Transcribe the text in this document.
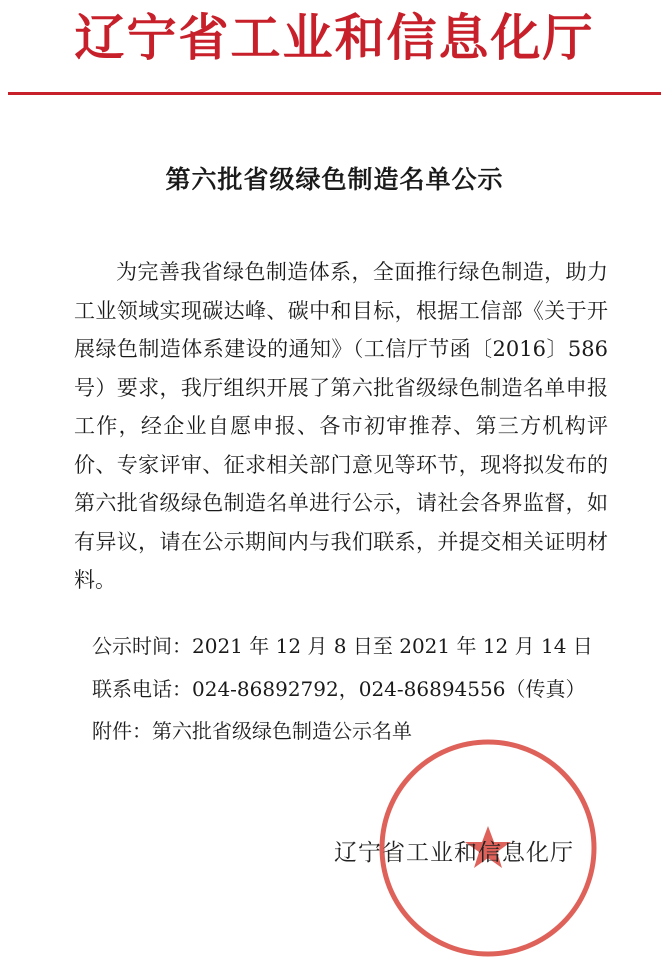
辽宁省工业和信息化厅
第六批省级绿色制造名单公示

为完善我省绿色制造体系，全面推行绿色制造，助力工业领域实现碳达峰、碳中和目标，根据工信部《关于开展绿色制造体系建设的通知》（工信厅节函〔2016〕586号）要求，我厅组织开展了第六批省级绿色制造名单申报工作，经企业自愿申报、各市初审推荐、第三方机构评价、专家评审、征求相关部门意见等环节，现将拟发布的第六批省级绿色制造名单进行公示，请社会各界监督，如有异议，请在公示期间内与我们联系，并提交相关证明材料。

公示时间：2021 年 12 月 8 日至 2021 年 12 月 14 日
联系电话：024-86892792，024-86894556（传真）
附件：第六批省级绿色制造公示名单
辽宁省工业和信息化厅
